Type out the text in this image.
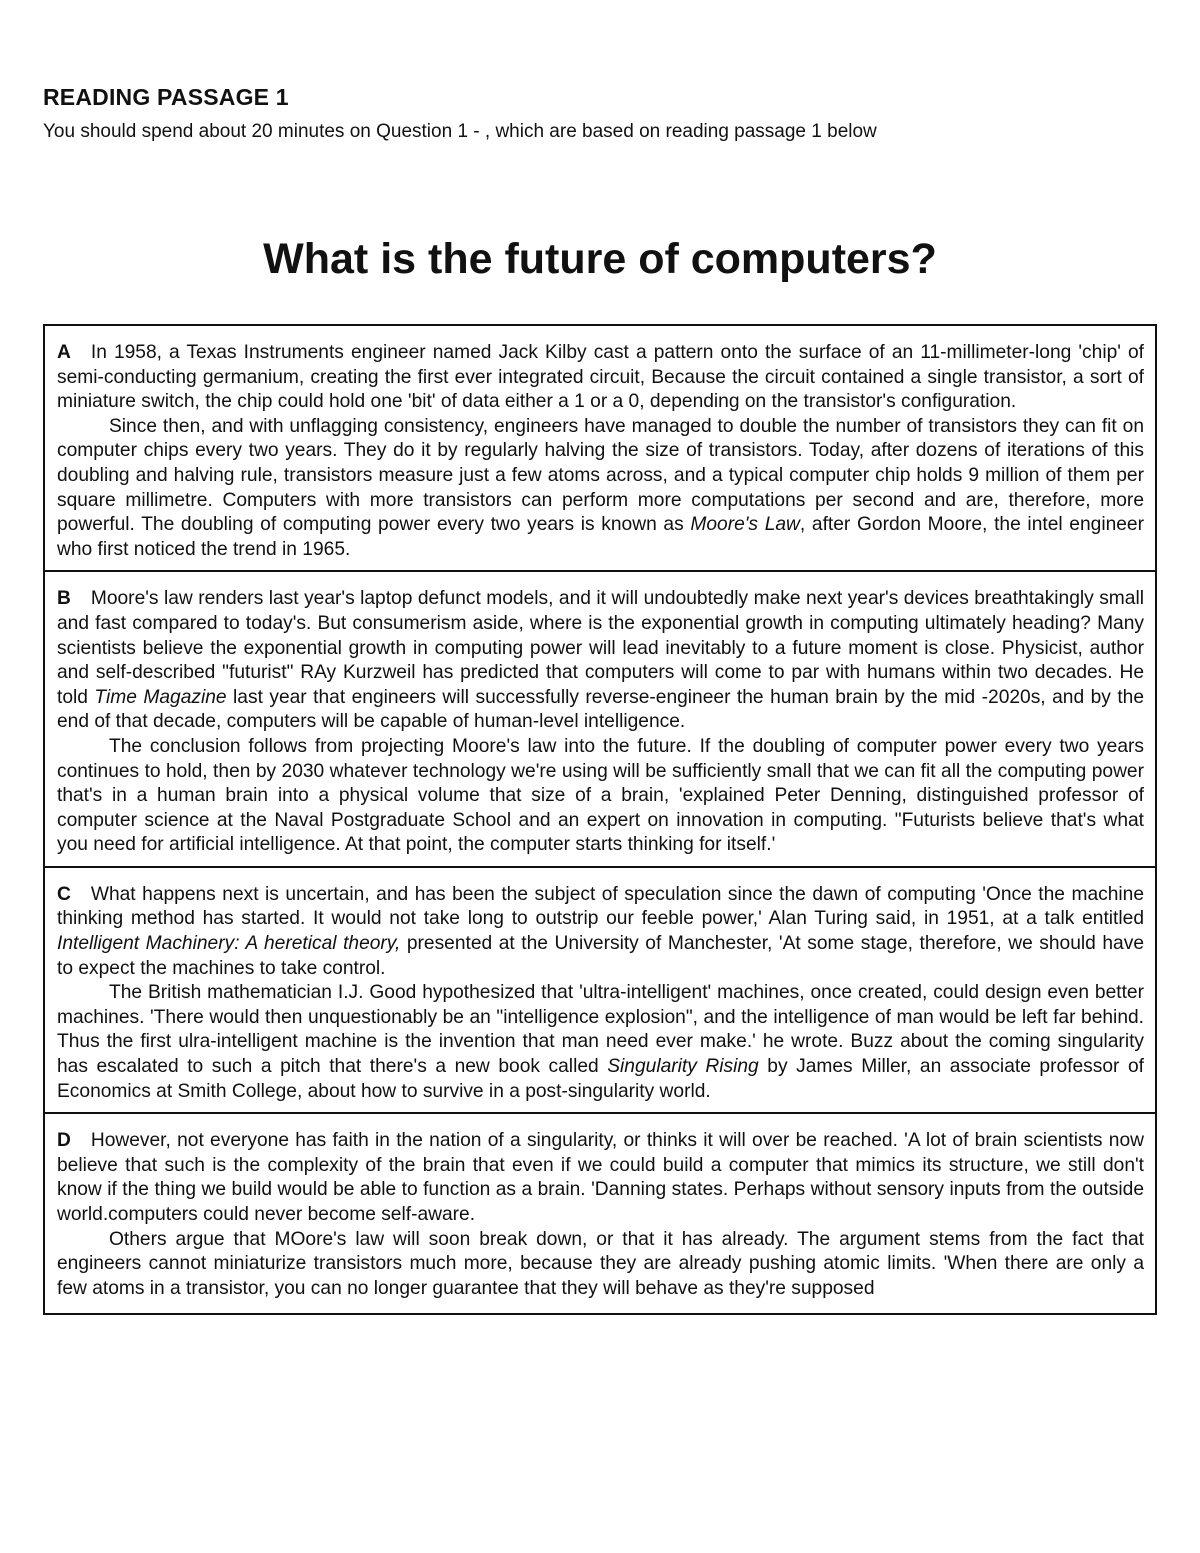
READING PASSAGE 1
You should spend about 20 minutes on Question 1 - , which are based on reading passage 1 below
What is the future of computers?

A In 1958, a Texas Instruments engineer named Jack Kilby cast a pattern onto the surface of an 11-millimeter-long 'chip' of semi-conducting germanium, creating the first ever integrated circuit, Because the circuit contained a single transistor, a sort of miniature switch, the chip could hold one 'bit' of data either a 1 or a 0, depending on the transistor's configuration.

Since then, and with unflagging consistency, engineers have managed to double the number of transistors they can fit on computer chips every two years. They do it by regularly halving the size of transistors. Today, after dozens of iterations of this doubling and halving rule, transistors measure just a few atoms across, and a typical computer chip holds 9 million of them per square millimetre. Computers with more transistors can perform more computations per second and are, therefore, more powerful. The doubling of computing power every two years is known as Moore's Law, after Gordon Moore, the intel engineer who first noticed the trend in 1965.

B Moore's law renders last year's laptop defunct models, and it will undoubtedly make next year's devices breathtakingly small and fast compared to today's. But consumerism aside, where is the exponential growth in computing ultimately heading? Many scientists believe the exponential growth in computing power will lead inevitably to a future moment is close. Physicist, author and self-described "futurist" RAy Kurzweil has predicted that computers will come to par with humans within two decades. He told Time Magazine last year that engineers will successfully reverse-engineer the human brain by the mid -2020s, and by the end of that decade, computers will be capable of human-level intelligence.

The conclusion follows from projecting Moore's law into the future. If the doubling of computer power every two years continues to hold, then by 2030 whatever technology we're using will be sufficiently small that we can fit all the computing power that's in a human brain into a physical volume that size of a brain, 'explained Peter Denning, distinguished professor of computer science at the Naval Postgraduate School and an expert on innovation in computing. "Futurists believe that's what you need for artificial intelligence. At that point, the computer starts thinking for itself.'

C What happens next is uncertain, and has been the subject of speculation since the dawn of computing 'Once the machine thinking method has started. It would not take long to outstrip our feeble power,' Alan Turing said, in 1951, at a talk entitled Intelligent Machinery: A heretical theory, presented at the University of Manchester, 'At some stage, therefore, we should have to expect the machines to take control.

The British mathematician I.J. Good hypothesized that 'ultra-intelligent' machines, once created, could design even better machines. 'There would then unquestionably be an "intelligence explosion", and the intelligence of man would be left far behind. Thus the first ulra-intelligent machine is the invention that man need ever make.' he wrote. Buzz about the coming singularity has escalated to such a pitch that there's a new book called Singularity Rising by James Miller, an associate professor of Economics at Smith College, about how to survive in a post-singularity world.

D However, not everyone has faith in the nation of a singularity, or thinks it will over be reached. 'A lot of brain scientists now believe that such is the complexity of the brain that even if we could build a computer that mimics its structure, we still don't know if the thing we build would be able to function as a brain. 'Danning states. Perhaps without sensory inputs from the outside world.computers could never become self-aware.

Others argue that MOore's law will soon break down, or that it has already. The argument stems from the fact that engineers cannot miniaturize transistors much more, because they are already pushing atomic limits. 'When there are only a few atoms in a transistor, you can no longer guarantee that they will behave as they're supposed
